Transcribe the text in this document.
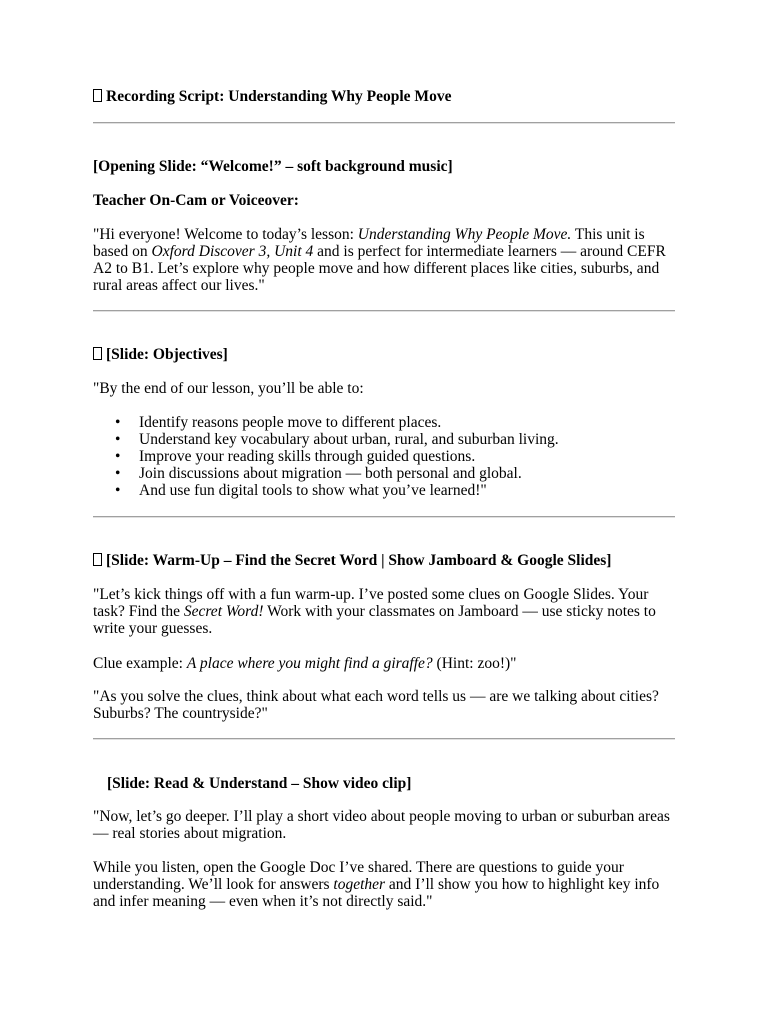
Recording Script: Understanding Why People Move
[Opening Slide: “Welcome!” – soft background music]
Teacher On-Cam or Voiceover:

"Hi everyone! Welcome to today’s lesson: Understanding Why People Move. This unit is based on Oxford Discover 3, Unit 4 and is perfect for intermediate learners — around CEFR A2 to B1. Let’s explore why people move and how different places like cities, suburbs, and rural areas affect our lives."

[Slide: Objectives]

"By the end of our lesson, you’ll be able to:

• Identify reasons people move to different places.
• Understand key vocabulary about urban, rural, and suburban living.
• Improve your reading skills through guided questions.
• Join discussions about migration — both personal and global.
• And use fun digital tools to show what you’ve learned!"
[Slide: Warm-Up – Find the Secret Word | Show Jamboard & Google Slides]

"Let’s kick things off with a fun warm-up. I’ve posted some clues on Google Slides. Your task? Find the Secret Word! Work with your classmates on Jamboard — use sticky notes to write your guesses.

Clue example: A place where you might find a giraffe? (Hint: zoo!)"

"As you solve the clues, think about what each word tells us — are we talking about cities? Suburbs? The countryside?"

[Slide: Read & Understand – Show video clip]

"Now, let’s go deeper. I’ll play a short video about people moving to urban or suburban areas — real stories about migration.

While you listen, open the Google Doc I’ve shared. There are questions to guide your understanding. We’ll look for answers together and I’ll show you how to highlight key info and infer meaning — even when it’s not directly said."
